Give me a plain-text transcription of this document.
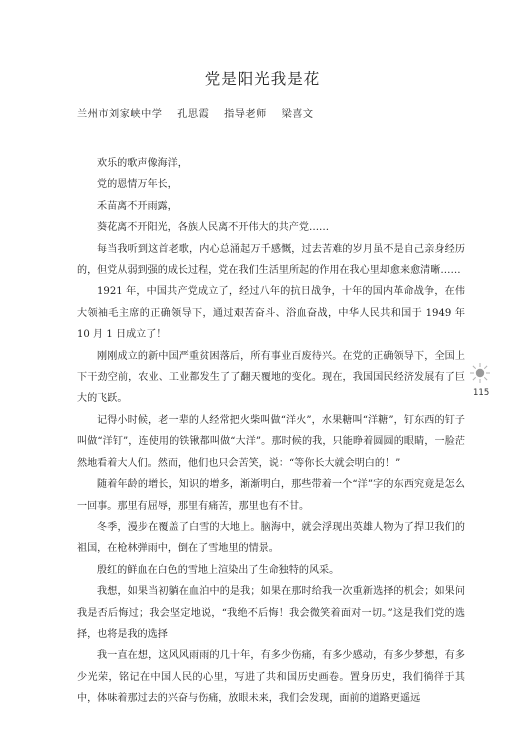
党是阳光我是花
兰州市刘家峡中学 孔思霞 指导老师 梁喜文

欢乐的歌声像海洋，

党的恩情万年长，

禾苗离不开雨露，

葵花离不开阳光，各族人民离不开伟大的共产党……

每当我听到这首老歌，内心总涌起万千感慨，过去苦难的岁月虽不是自己亲身经历的，但党从弱到强的成长过程，党在我们生活里所起的作用在我心里却愈来愈清晰……

1921 年，中国共产党成立了，经过八年的抗日战争，十年的国内革命战争，在伟大领袖毛主席的正确领导下，通过艰苦奋斗、浴血奋战，中华人民共和国于 1949 年 10 月 1 日成立了！

刚刚成立的新中国严重贫困落后，所有事业百废待兴。在党的正确领导下，全国上下干劲空前，农业、工业都发生了了翻天覆地的变化。现在，我国国民经济发展有了巨大的飞跃。

记得小时候，老一辈的人经常把火柴叫做“洋火”，水果糖叫“洋糖”，钉东西的钉子叫做“洋钉”，连使用的铁锹都叫做“大洋”。那时候的我，只能睁着圆圆的眼睛，一脸茫然地看着大人们。然而，他们也只会苦笑，说：“等你长大就会明白的！”

随着年龄的增长，知识的增多，渐渐明白，那些带着一个“洋”字的东西究竟是怎么一回事。那里有屈辱，那里有痛苦，那里也有不甘。

冬季，漫步在覆盖了白雪的大地上。脑海中，就会浮现出英雄人物为了捍卫我们的祖国，在枪林弹雨中，倒在了雪地里的情景。

殷红的鲜血在白色的雪地上渲染出了生命独特的风采。

我想，如果当初躺在血泊中的是我；如果在那时给我一次重新选择的机会；如果问我是否后悔过；我会坚定地说，“我绝不后悔！我会微笑着面对一切。”这是我们党的选择，也将是我的选择

我一直在想，这风风雨雨的几十年，有多少伤痛，有多少感动，有多少梦想，有多少光荣，铭记在中国人民的心里，写进了共和国历史画卷。置身历史，我们徜徉于其中，体味着那过去的兴奋与伤痛，放眼未来，我们会发现，面前的道路更遥远

115
